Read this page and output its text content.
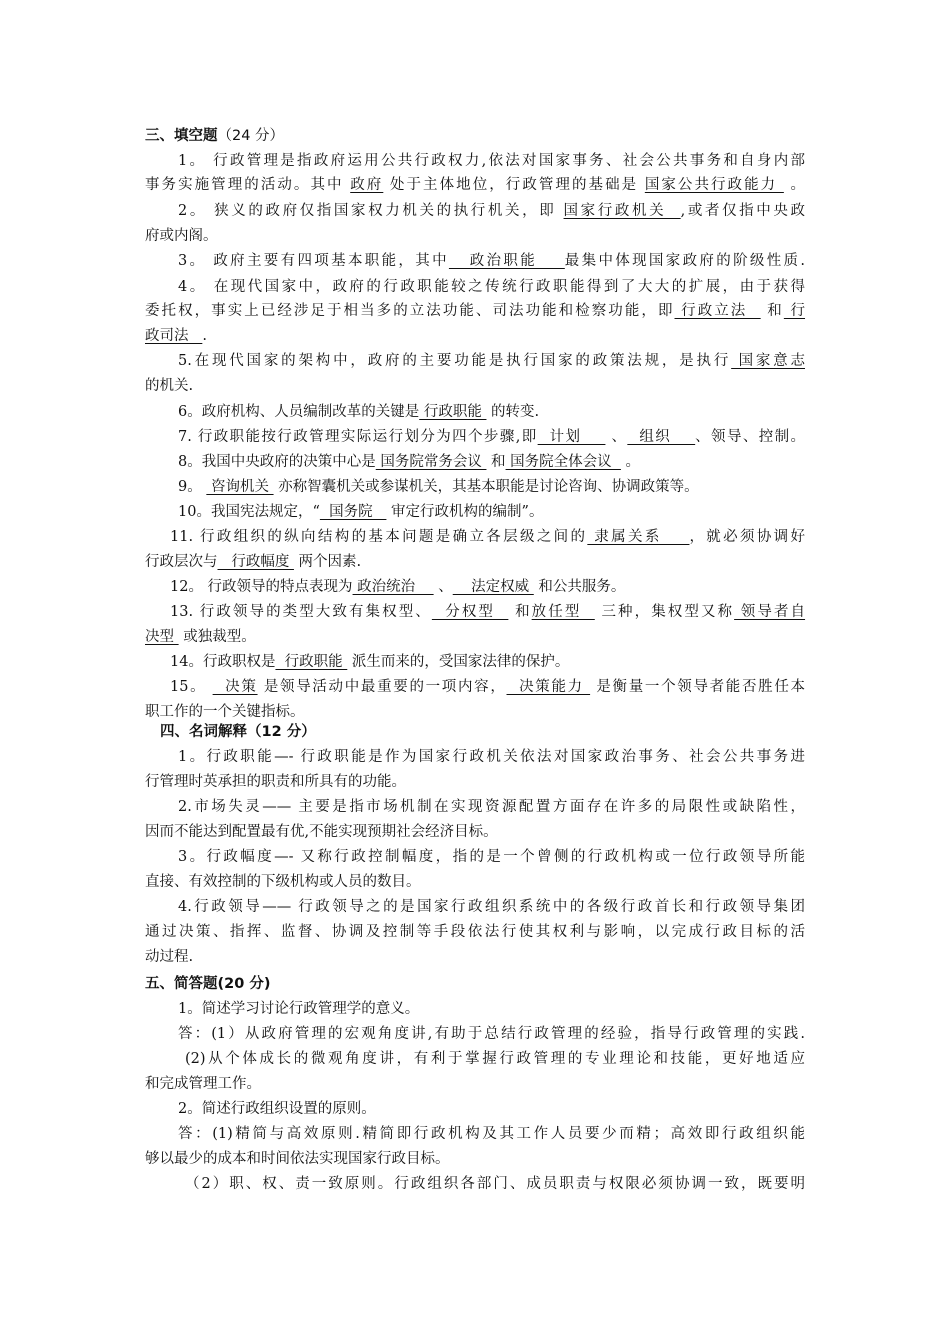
三、填空题（24 分）
四、名词解释（12 分）
五、简答题(20 分)
1。 行政管理是指政府运用公共行政权力,依法对国家事务、社会公共事务和自身内部
事务实施管理的活动。其中 政府 处于主体地位，行政管理的基础是 国家公共行政能力  。
2。 狭义的政府仅指国家权力机关的执行机关，即 国家行政机关  ,或者仅指中央政
府或内阁。
3。 政府主要有四项基本职能，其中   政治职能    最集中体现国家政府的阶级性质.
4。 在现代国家中，政府的行政职能较之传统行政职能得到了大大的扩展，由于获得
委托权，事实上已经涉足于相当多的立法功能、司法功能和检察功能，即 行政立法   和 行
政司法   .
5.在现代国家的架构中，政府的主要功能是执行国家的政策法规，是执行 国家意志
的机关.
6。政府机构、人员编制改革的关键是 行政职能  的转变.
7. 行政职能按行政管理实际运行划分为四个步骤,即  计划     、  组织    、领导、控制。
8。我国中央政府的决策中心是 国务院常务会议  和 国务院全体会议   。
9。  咨询机关  亦称智囊机关或参谋机关，其基本职能是讨论咨询、协调政策等。
10。我国宪法规定，“  国务院    审定行政机构的编制”。
11. 行政组织的纵向结构的基本问题是确立各层级之间的 隶属关系    ，就必须协调好
行政层次与   行政幅度  两个因素.
12。 行政领导的特点表现为 政治统治     、    法定权威  和公共服务。
13. 行政领导的类型大致有集权型、  分权型   和放任型   三种，集权型又称 领导者自
决型  或独裁型。
14。行政职权是  行政职能  派生而来的，受国家法律的保护。
15。   决策 是领导活动中最重要的一项内容，  决策能力  是衡量一个领导者能否胜任本
职工作的一个关键指标。
1。行政职能—- 行政职能是作为国家行政机关依法对国家政治事务、社会公共事务进
行管理时英承担的职责和所具有的功能。
2.市场失灵—— 主要是指市场机制在实现资源配置方面存在许多的局限性或缺陷性，
因而不能达到配置最有优,不能实现预期社会经济目标。
3。行政幅度—- 又称行政控制幅度，指的是一个曾侧的行政机构或一位行政领导所能
直接、有效控制的下级机构或人员的数目。
4.行政领导—— 行政领导之的是国家行政组织系统中的各级行政首长和行政领导集团
通过决策、指挥、监督、协调及控制等手段依法行使其权利与影响，以完成行政目标的活
动过程.
1。简述学习讨论行政管理学的意义。
答：(1）从政府管理的宏观角度讲,有助于总结行政管理的经验，指导行政管理的实践.
(2)从个体成长的微观角度讲，有利于掌握行政管理的专业理论和技能，更好地适应
和完成管理工作。
2。简述行政组织设置的原则。
答：(1)精简与高效原则.精简即行政机构及其工作人员要少而精；高效即行政组织能
够以最少的成本和时间依法实现国家行政目标。
（2）职、权、责一致原则。行政组织各部门、成员职责与权限必须协调一致，既要明
